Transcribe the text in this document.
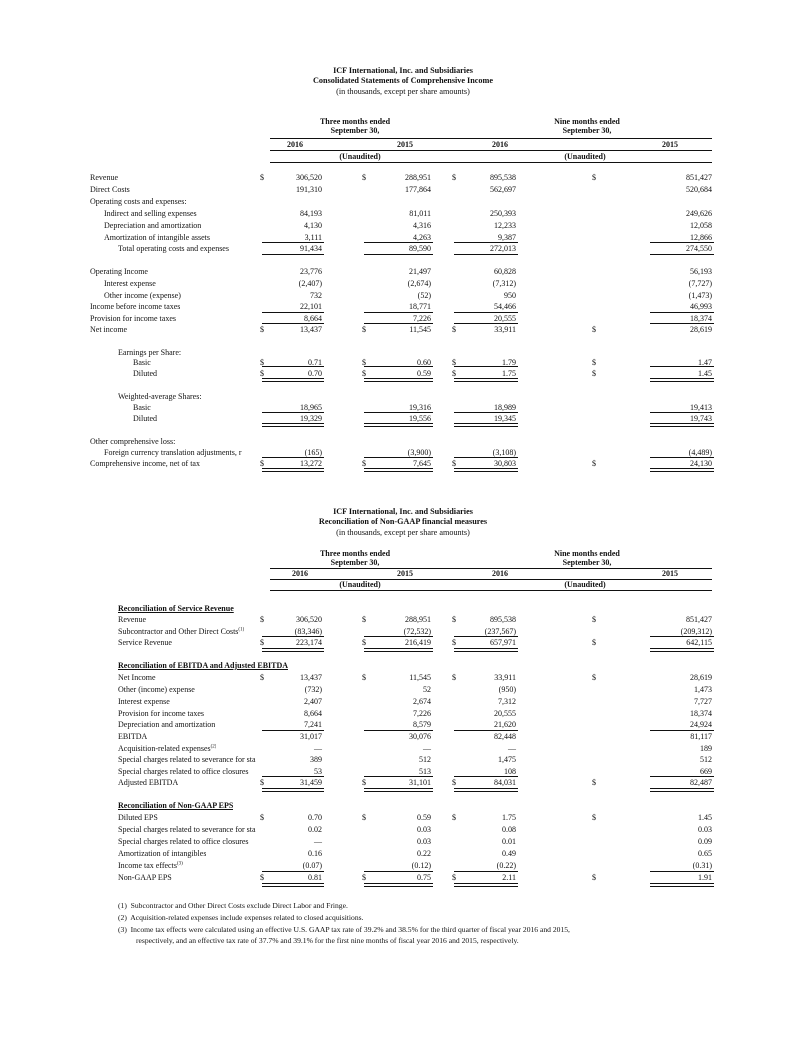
ICF International, Inc. and Subsidiaries
Consolidated Statements of Comprehensive Income
(in thousands, except per share amounts)
Three months ended
September 30,
Nine months ended
September 30,
2016	2015	2016	2015
(Unaudited)	(Unaudited)
Revenue	$	306,520	$	288,951	$	895,538	$	851,427
Direct Costs	191,310	177,864	562,697	520,684
Operating costs and expenses:
Indirect and selling expenses	84,193	81,011	250,393	249,626
Depreciation and amortization	4,130	4,316	12,233	12,058
Amortization of intangible assets	3,111	4,263	9,387	12,866
Total operating costs and expenses	91,434	89,590	272,013	274,550
Operating Income	23,776	21,497	60,828	56,193
Interest expense	(2,407)	(2,674)	(7,312)	(7,727)
Other income (expense)	732	(52)	950	(1,473)
Income before income taxes	22,101	18,771	54,466	46,993
Provision for income taxes	8,664	7,226	20,555	18,374
Net income	$	13,437	$	11,545	$	33,911	$	28,619
Earnings per Share:
Basic	$	0.71	$	0.60	$	1.79	$	1.47
Diluted	$	0.70	$	0.59	$	1.75	$	1.45
Weighted-average Shares:
Basic	18,965	19,316	18,989	19,413
Diluted	19,329	19,556	19,345	19,743
Other comprehensive loss:
Foreign currency translation adjustments, r	(165)	(3,900)	(3,108)	(4,489)
Comprehensive income, net of tax	$	13,272	$	7,645	$	30,803	$	24,130
ICF International, Inc. and Subsidiaries
Reconciliation of Non-GAAP financial measures
(in thousands, except per share amounts)
Three months ended
September 30,
Nine months ended
September 30,
2016	2015	2016	2015
(Unaudited)	(Unaudited)
Reconciliation of Service Revenue
Revenue	$	306,520	$	288,951	$	895,538	$	851,427
Subcontractor and Other Direct Costs$^{(1)}$	(83,346)	(72,532)	(237,567)	(209,312)
Service Revenue	$	223,174	$	216,419	$	657,971	$	642,115
Reconciliation of EBITDA and Adjusted EBITDA
Net Income	$	13,437	$	11,545	$	33,911	$	28,619
Other (income) expense	(732)	52	(950)	1,473
Interest expense	2,407	2,674	7,312	7,727
Provision for income taxes	8,664	7,226	20,555	18,374
Depreciation and amortization	7,241	8,579	21,620	24,924
EBITDA	31,017	30,076	82,448	81,117
Acquisition-related expenses$^{(2)}$	—	—	—	189
Special charges related to severance for sta	389	512	1,475	512
Special charges related to office closures	53	513	108	669
Adjusted EBITDA	$	31,459	$	31,101	$	84,031	$	82,487
Reconciliation of Non-GAAP EPS
Diluted EPS	$	0.70	$	0.59	$	1.75	$	1.45
Special charges related to severance for sta	0.02	0.03	0.08	0.03
Special charges related to office closures	—	0.03	0.01	0.09
Amortization of intangibles	0.16	0.22	0.49	0.65
Income tax effects$^{(3)}$	(0.07)	(0.12)	(0.22)	(0.31)
Non-GAAP EPS	$	0.81	$	0.75	$	2.11	$	1.91
(1) Subcontractor and Other Direct Costs exclude Direct Labor and Fringe.
(2) Acquisition-related expenses include expenses related to closed acquisitions.
(3) Income tax effects were calculated using an effective U.S. GAAP tax rate of 39.2% and 38.5% for the third quarter of fiscal year 2016 and 2015,
respectively, and an effective tax rate of 37.7% and 39.1% for the first nine months of fiscal year 2016 and 2015, respectively.
